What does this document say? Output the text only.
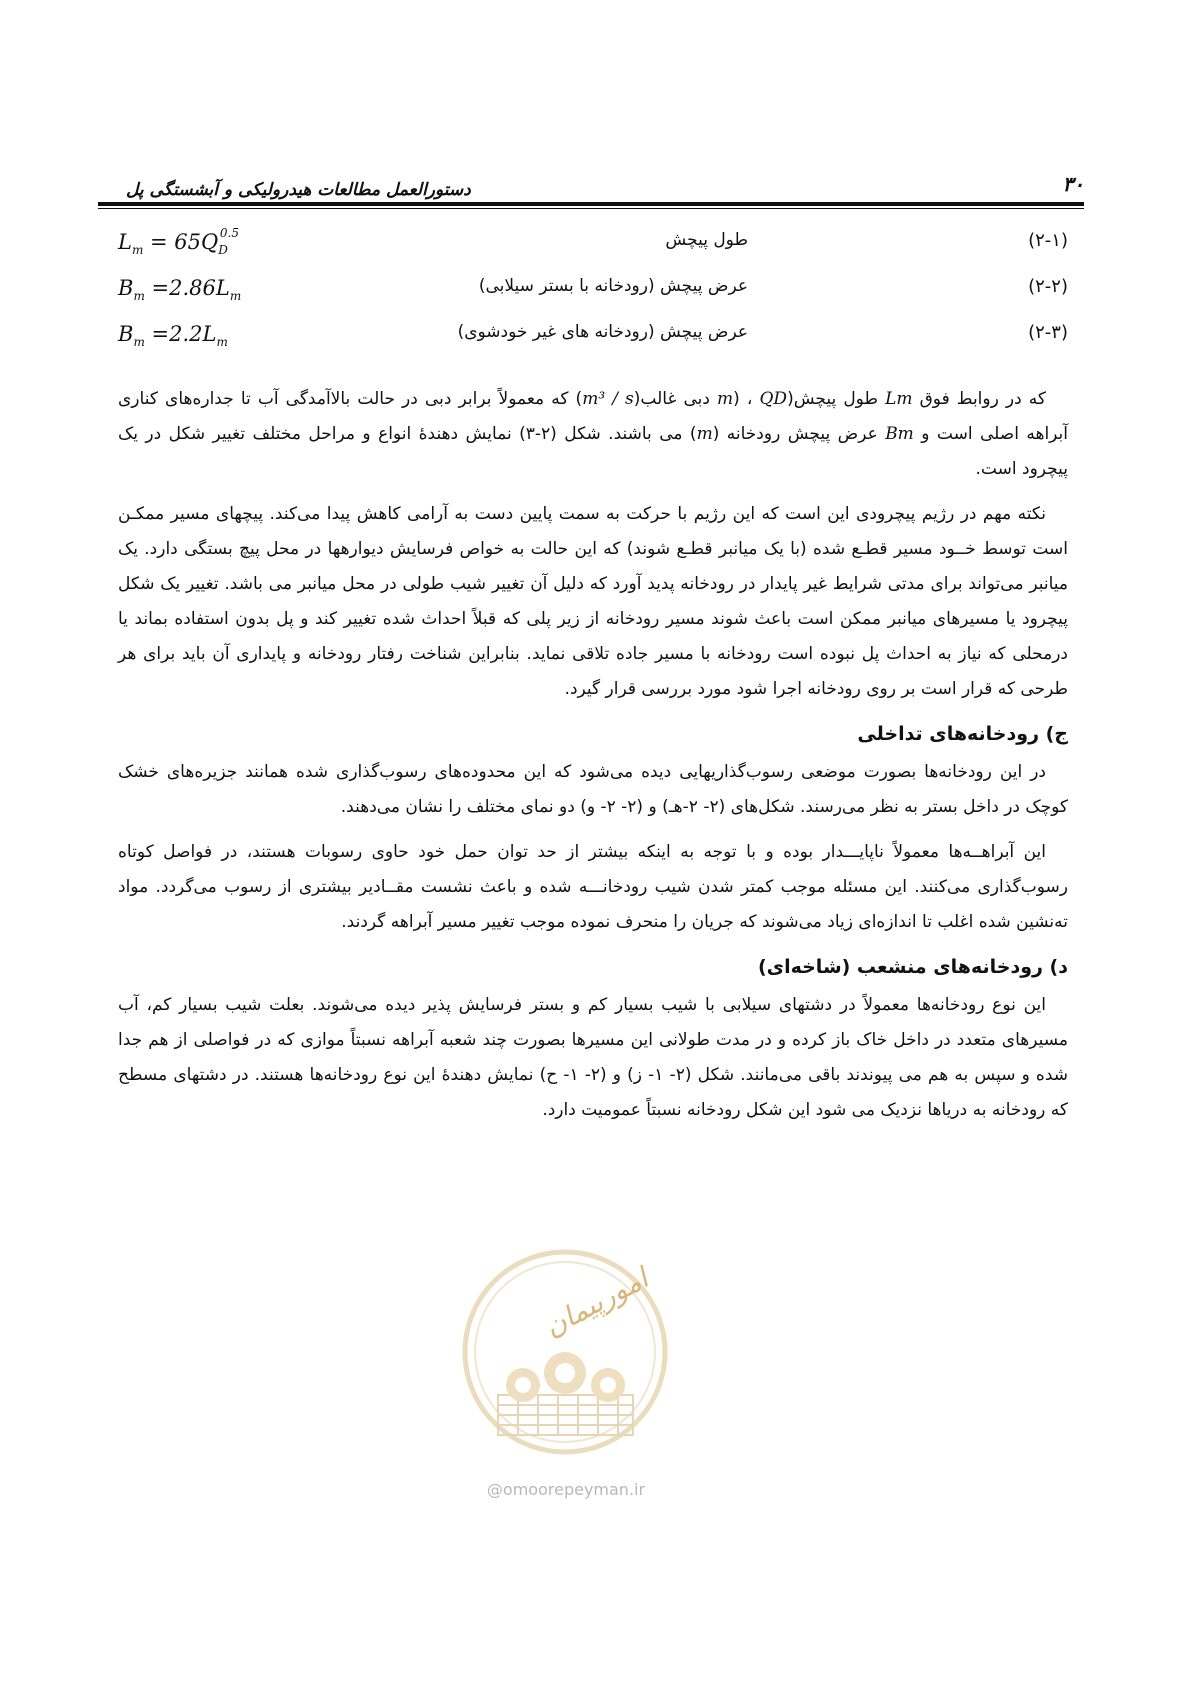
۳۰
دستورالعمل مطالعات هیدرولیکی و آبشستگی پل
(۲-۱)
طول پیچش
$L_m = 65Q_D^{0.5}$
(۲-۲)
عرض پیچش (رودخانه با بستر سیلابی)
$B_m =2.86L_m$
(۲-۳)
عرض پیچش (رودخانه های غیر خودشوی)
$B_m =2.2L_m$

که در روابط فوق Lm طول پیچش(m) ، QD دبی غالب(m³ / s) که معمولاً برابر دبی در حالت بالاآمدگی آب تا جداره‌های کناری آبراهه اصلی است و Bm عرض پیچش رودخانه (m) می باشند. شکل (۲-۳) نمایش دهندهٔ انواع و مراحل مختلف تغییر شکل در یک پیچرود است.

نکته مهم در رژیم پیچرودی این است که این رژیم با حرکت به سمت پایین دست به آرامی کاهش پیدا می‌کند. پیچهای مسیر ممکـن است توسط خــود مسیر قطـع شده (با یک میانبر قطـع شوند) که این حالت به خواص فرسایش دیوارهها در محل پیچ بستگی دارد. یک میانبر می‌تواند برای مدتی شرایط غیر پایدار در رودخانه پدید آورد که دلیل آن تغییر شیب طولی در محل میانبر می باشد. تغییر یک شکل پیچرود یا مسیرهای میانبر ممکن است باعث شوند مسیر رودخانه از زیر پلی که قبلاً احداث شده تغییر کند و پل بدون استفاده بماند یا درمحلی که نیاز به احداث پل نبوده است رودخانه با مسیر جاده تلاقی نماید. بنابراین شناخت رفتار رودخانه و پایداری آن باید برای هر طرحی که قرار است بر روی رودخانه اجرا شود مورد بررسی قرار گیرد.

ج) رودخانه‌های تداخلی

در این رودخانه‌ها بصورت موضعی رسوب‌گذاریهایی دیده می‌شود که این محدوده‌های رسوب‌گذاری شده همانند جزیره‌های خشک کوچک در داخل بستر به نظر می‌رسند. شکل‌های (۲- ۲-هـ) و (۲- ۲- و) دو نمای مختلف را نشان می‌دهند.

این آبراهــه‌ها معمولاً ناپایـــدار بوده و با توجه به اینکه بیشتر از حد توان حمل خود حاوی رسوبات هستند، در فواصل کوتاه رسوب‌گذاری می‌کنند. این مسئله موجب کمتر شدن شیب رودخانـــه شده و باعث نشست مقــادیر بیشتری از رسوب می‌گردد. مواد تەنشین شده اغلب تا اندازه‌ای زیاد می‌شوند که جریان را منحرف نموده موجب تغییر مسیر آبراهه گردند.

د) رودخانه‌های منشعب (شاخه‌ای)

این نوع رودخانه‌ها معمولاً در دشتهای سیلابی با شیب بسیار کم و بستر فرسایش پذیر دیده می‌شوند. بعلت شیب بسیار کم، آب مسیرهای متعدد در داخل خاک باز کرده و در مدت طولانی این مسیرها بصورت چند شعبه آبراهه نسبتاً موازی که در فواصلی از هم جدا شده و سپس به هم می پیوندند باقی می‌مانند. شکل (۲- ۱- ز) و (۲- ۱- ح) نمایش دهندهٔ این نوع رودخانه‌ها هستند. در دشتهای مسطح که رودخانه به دریاها نزدیک می شود این شکل رودخانه نسبتاً عمومیت دارد.

امورپیمان
@omoorepeyman.ir
